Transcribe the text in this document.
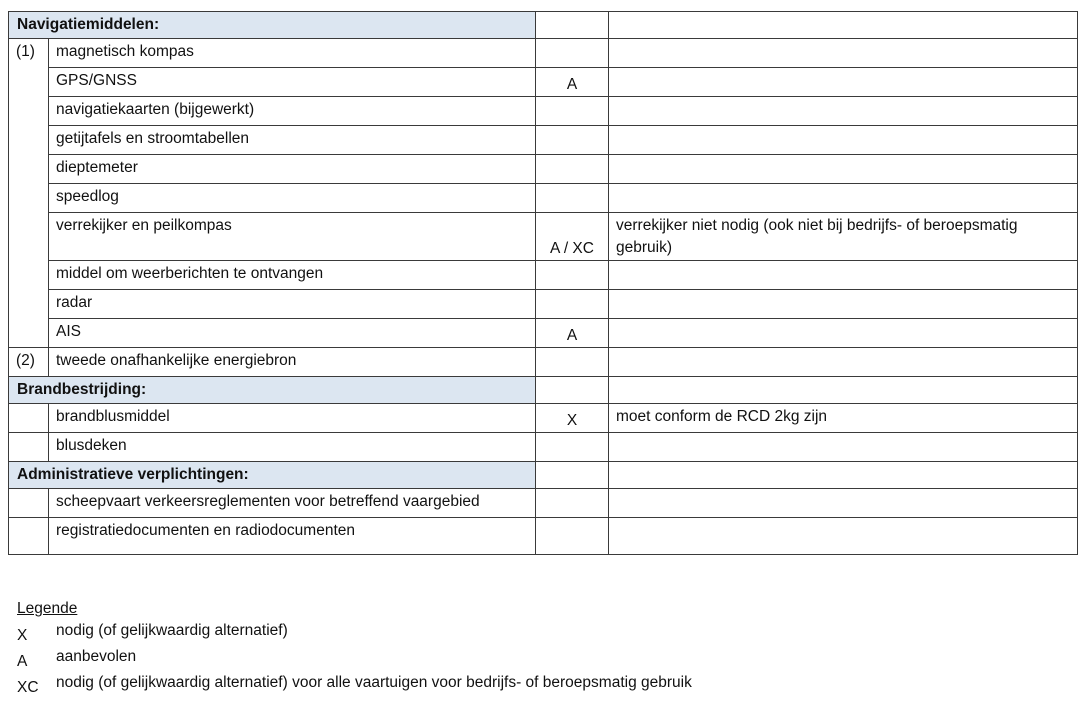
Navigatiemiddelen:			
(1)	magnetisch kompas		
	GPS/GNSS	A	
	navigatiekaarten (bijgewerkt)		
	getijtafels en stroomtabellen		
	dieptemeter		
	speedlog		
	verrekijker en peilkompas	A / XC	verrekijker niet nodig (ook niet bij bedrijfs- of beroepsmatig gebruik)
	middel om weerberichten te ontvangen		
	radar		
	AIS	A	
(2)	tweede onafhankelijke energiebron		
Brandbestrijding:			
	brandblusmiddel	X	moet conform de RCD 2kg zijn
	blusdeken		
Administratieve verplichtingen:			
	scheepvaart verkeersreglementen voor betreffend vaargebied		
	registratiedocumenten en radiodocumenten		
Legende
X	nodig (of gelijkwaardig alternatief)
A	aanbevolen
XC	nodig (of gelijkwaardig alternatief) voor alle vaartuigen voor bedrijfs- of beroepsmatig gebruik
